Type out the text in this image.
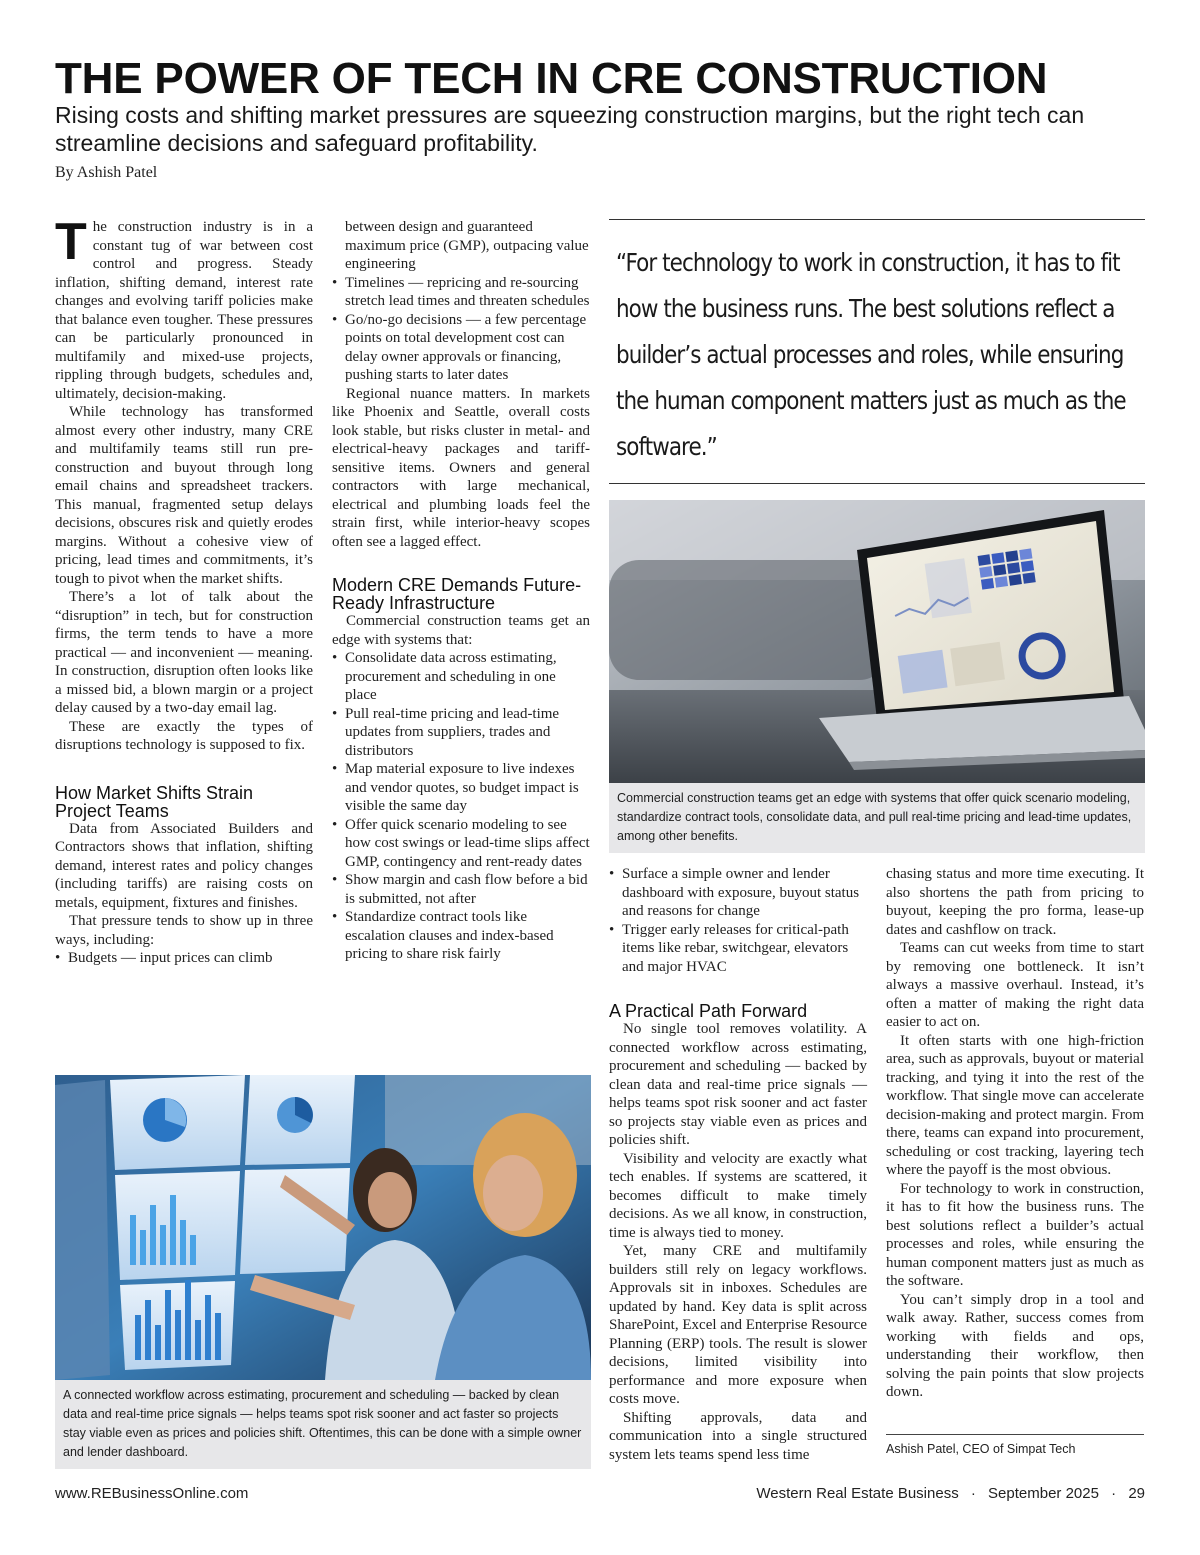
THE POWER OF TECH IN CRE CONSTRUCTION
Rising costs and shifting market pressures are squeezing construction margins, but the right tech can streamline decisions and safeguard profitability.
By Ashish Patel

The construction industry is in a constant tug of war between cost control and progress. Steady inflation, shifting demand, interest rate changes and evolving tariff policies make that balance even tougher. These pressures can be particularly pronounced in multifamily and mixed-use projects, rippling through budgets, schedules and, ultimately, decision-making.

While technology has transformed almost every other industry, many CRE and multifamily teams still run pre-construction and buyout through long email chains and spreadsheet trackers. This manual, fragmented setup delays decisions, obscures risk and quietly erodes margins. Without a cohesive view of pricing, lead times and commitments, it’s tough to pivot when the market shifts.

There’s a lot of talk about the “disruption” in tech, but for construction firms, the term tends to have a more practical — and inconvenient — meaning. In construction, disruption often looks like a missed bid, a blown margin or a project delay caused by a two-day email lag.

These are exactly the types of disruptions technology is supposed to fix.

How Market Shifts Strain Project Teams

Data from Associated Builders and Contractors shows that inflation, shifting demand, interest rates and policy changes (including tariffs) are raising costs on metals, equipment, fixtures and finishes.

That pressure tends to show up in three ways, including:

• Budgets — input prices can climb
between design and guaranteed maximum price (GMP), outpacing value engineering
• Timelines — repricing and re-sourcing stretch lead times and threaten schedules
• Go/no-go decisions — a few percentage points on total development cost can delay owner approvals or financing, pushing starts to later dates

Regional nuance matters. In markets like Phoenix and Seattle, overall costs look stable, but risks cluster in metal- and electrical-heavy packages and tariff-sensitive items. Owners and general contractors with large mechanical, electrical and plumbing loads feel the strain first, while interior-heavy scopes often see a lagged effect.

Modern CRE Demands Future-Ready Infrastructure

Commercial construction teams get an edge with systems that:

• Consolidate data across estimating, procurement and scheduling in one place
• Pull real-time pricing and lead-time updates from suppliers, trades and distributors
• Map material exposure to live indexes and vendor quotes, so budget impact is visible the same day
• Offer quick scenario modeling to see how cost swings or lead-time slips affect GMP, contingency and rent-ready dates
• Show margin and cash flow before a bid is submitted, not after
• Standardize contract tools like escalation clauses and index-based pricing to share risk fairly
“For technology to work in construction, it has to fit how the business runs. The best solutions reflect a builder’s actual processes and roles, while ensuring the human component matters just as much as the software.”
Commercial construction teams get an edge with systems that offer quick scenario modeling, standardize contract tools, consolidate data, and pull real-time pricing and lead-time updates, among other benefits.
A connected workflow across estimating, procurement and scheduling — backed by clean data and real-time price signals — helps teams spot risk sooner and act faster so projects stay viable even as prices and policies shift. Oftentimes, this can be done with a simple owner and lender dashboard.
• Surface a simple owner and lender dashboard with exposure, buyout status and reasons for change
• Trigger early releases for critical-path items like rebar, switchgear, elevators and major HVAC
A Practical Path Forward

No single tool removes volatility. A connected workflow across estimating, procurement and scheduling — backed by clean data and real-time price signals — helps teams spot risk sooner and act faster so projects stay viable even as prices and policies shift.

Visibility and velocity are exactly what tech enables. If systems are scattered, it becomes difficult to make timely decisions. As we all know, in construction, time is always tied to money.

Yet, many CRE and multifamily builders still rely on legacy workflows. Approvals sit in inboxes. Schedules are updated by hand. Key data is split across SharePoint, Excel and Enterprise Resource Planning (ERP) tools. The result is slower decisions, limited visibility into performance and more exposure when costs move.

Shifting approvals, data and communication into a single structured system lets teams spend less time

chasing status and more time executing. It also shortens the path from pricing to buyout, keeping the pro forma, lease-up dates and cashflow on track.

Teams can cut weeks from time to start by removing one bottleneck. It isn’t always a massive overhaul. Instead, it’s often a matter of making the right data easier to act on.

It often starts with one high-friction area, such as approvals, buyout or material tracking, and tying it into the rest of the workflow. That single move can accelerate decision-making and protect margin. From there, teams can expand into procurement, scheduling or cost tracking, layering tech where the payoff is the most obvious.

For technology to work in construction, it has to fit how the business runs. The best solutions reflect a builder’s actual processes and roles, while ensuring the human component matters just as much as the software.

You can’t simply drop in a tool and walk away. Rather, success comes from working with fields and ops, understanding their workflow, then solving the pain points that slow projects down.

Ashish Patel, CEO of Simpat Tech
www.REBusinessOnline.com	Western Real Estate Business · September 2025 · 29
